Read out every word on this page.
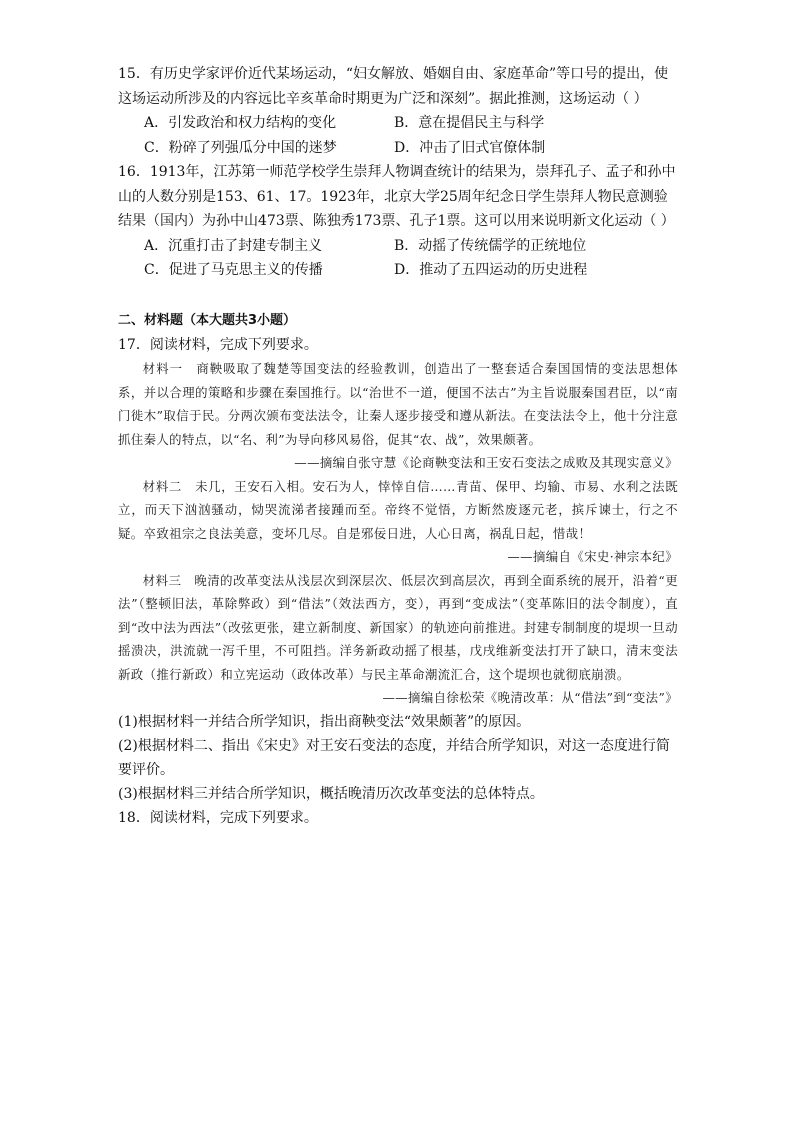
15．有历史学家评价近代某场运动，“妇女解放、婚姻自由、家庭革命”等口号的提出，使这场运动所涉及的内容远比辛亥革命时期更为广泛和深刻”。据此推测，这场运动（ ）

A．引发政治和权力结构的变化	B．意在提倡民主与科学
C．粉碎了列强瓜分中国的迷梦	D．冲击了旧式官僚体制

16．1913年，江苏第一师范学校学生崇拜人物调查统计的结果为，崇拜孔子、孟子和孙中山的人数分别是153、61、17。1923年，北京大学25周年纪念日学生崇拜人物民意测验结果（国内）为孙中山473票、陈独秀173票、孔子1票。这可以用来说明新文化运动（ ）

A．沉重打击了封建专制主义	B．动摇了传统儒学的正统地位
C．促进了马克思主义的传播	D．推动了五四运动的历史进程
二、材料题（本大题共3小题）

17．阅读材料，完成下列要求。

材料一　商鞅吸取了魏楚等国变法的经验教训，创造出了一整套适合秦国国情的变法思想体系，并以合理的策略和步骤在秦国推行。以“治世不一道，便国不法古”为主旨说服秦国君臣，以“南门徙木”取信于民。分两次颁布变法法令，让秦人逐步接受和遵从新法。在变法法令上，他十分注意抓住秦人的特点，以“名、利”为导向移风易俗，促其“农、战”，效果颇著。

——摘编自张守慧《论商鞅变法和王安石变法之成败及其现实意义》

材料二　未几，王安石入相。安石为人，悻悻自信……青苗、保甲、均输、市易、水利之法既立，而天下汹汹骚动，恸哭流涕者接踵而至。帝终不觉悟，方断然废逐元老，摈斥谏士，行之不疑。卒致祖宗之良法美意，变坏几尽。自是邪佞日进，人心日离，祸乱日起，惜哉！

——摘编自《宋史·神宗本纪》

材料三　晚清的改革变法从浅层次到深层次、低层次到高层次，再到全面系统的展开，沿着“更法”（整顿旧法，革除弊政）到“借法”（效法西方，变），再到“变成法”（变革陈旧的法令制度），直到“改中法为西法”（改弦更张，建立新制度、新国家）的轨迹向前推进。封建专制制度的堤坝一旦动摇溃决，洪流就一泻千里，不可阻挡。洋务新政动摇了根基，戊戌维新变法打开了缺口，清末变法新政（推行新政）和立宪运动（政体改革）与民主革命潮流汇合，这个堤坝也就彻底崩溃。

——摘编自徐松荣《晚清改革：从“借法”到“变法”》

(1)根据材料一并结合所学知识，指出商鞅变法“效果颇著”的原因。

(2)根据材料二、指出《宋史》对王安石变法的态度，并结合所学知识，对这一态度进行简要评价。

(3)根据材料三并结合所学知识，概括晚清历次改革变法的总体特点。

18．阅读材料，完成下列要求。
